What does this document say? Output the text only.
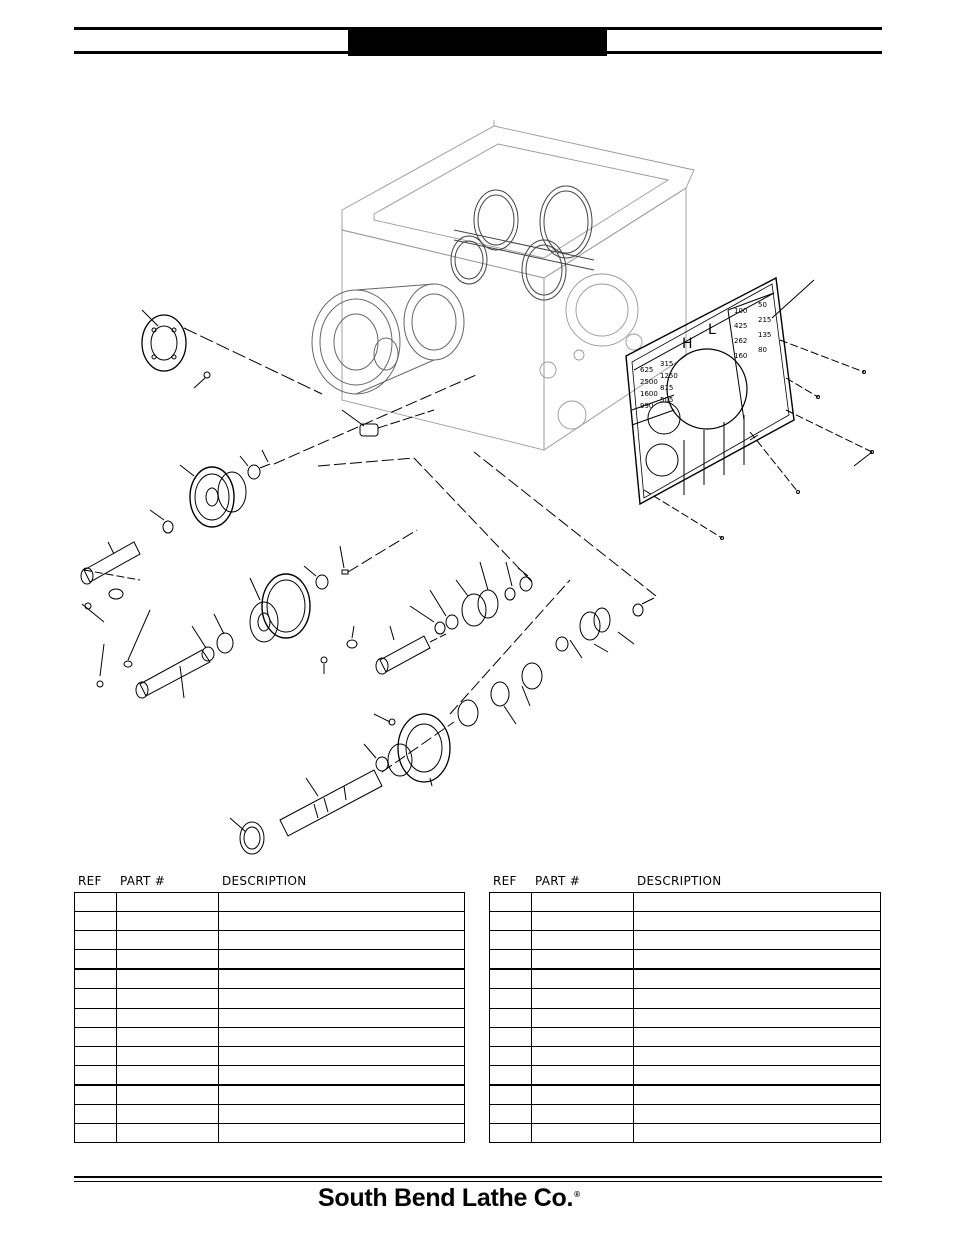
H
L
100
50
425
215
262
135
160
80
625
315
2500
1250
1600
815
990
505
REF PART #	DESCRIPTION	REF PART #	DESCRIPTION
South Bend Lathe Co.®
